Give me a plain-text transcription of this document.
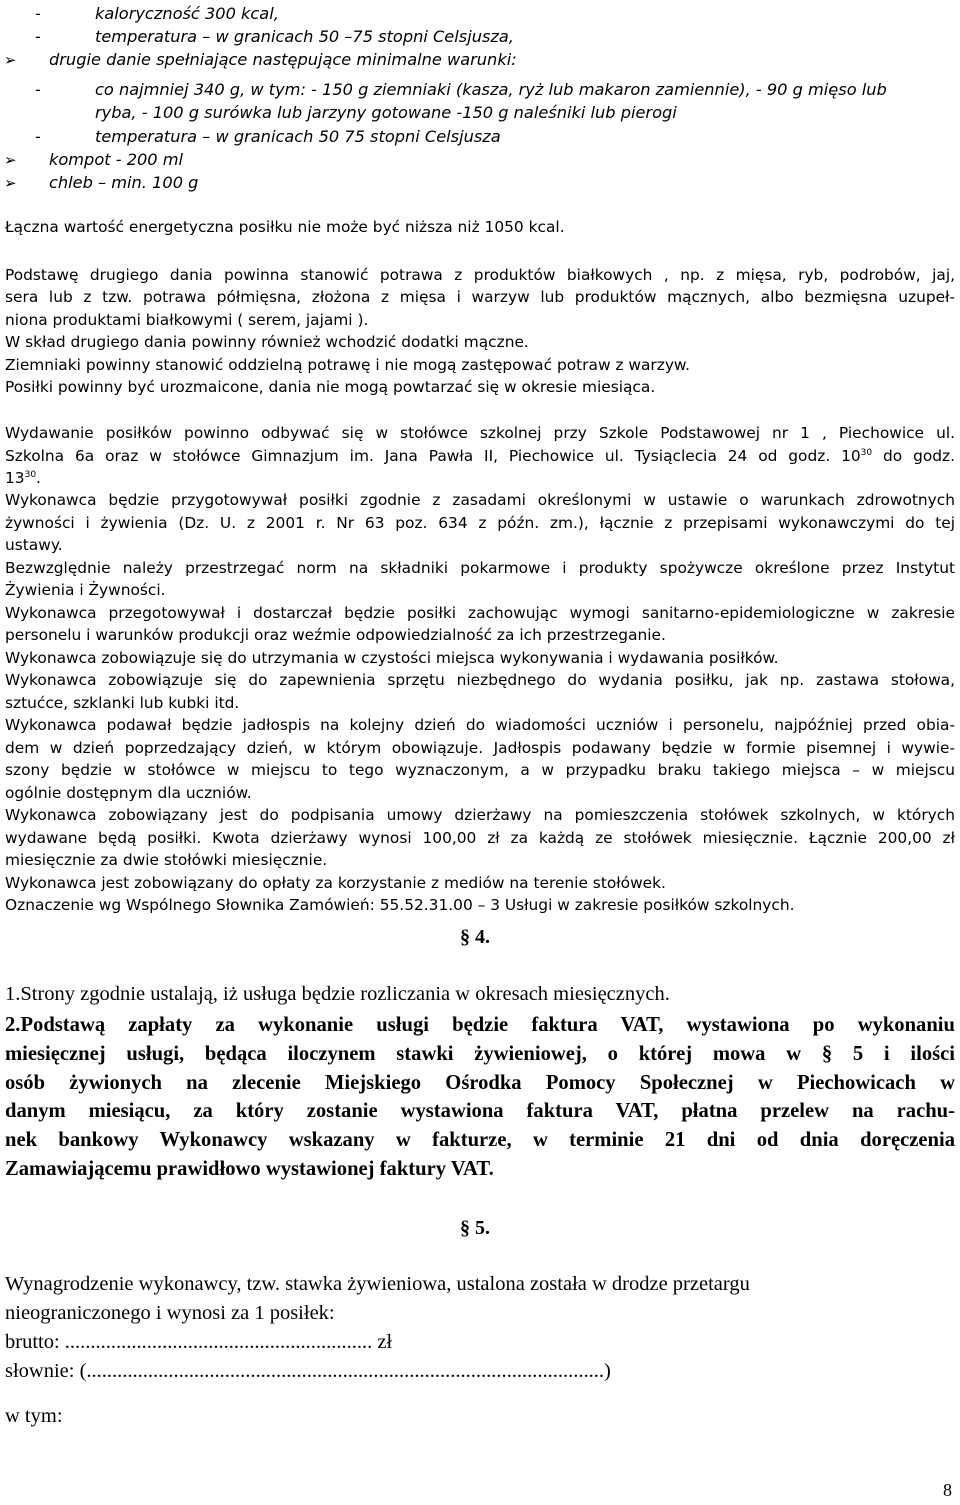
-	kaloryczność 300 kcal,
-	temperatura – w granicach 50 –75 stopni Celsjusza,
➢ drugie danie spełniające następujące minimalne warunki:
-	co najmniej 340 g, w tym: - 150 g ziemniaki (kasza, ryż lub makaron zamiennie), - 90 g mięso lub
ryba, - 100 g surówka lub jarzyny gotowane -150 g naleśniki lub pierogi
-	temperatura – w granicach 50 75 stopni Celsjusza
➢ kompot - 200 ml
➢ chleb – min. 100 g
Łączna wartość energetyczna posiłku nie może być niższa niż 1050 kcal.
Podstawę drugiego dania powinna stanowić potrawa z produktów białkowych , np. z mięsa, ryb, podrobów, jaj,
sera lub z tzw. potrawa półmięsna, złożona z mięsa i warzyw lub produktów mącznych, albo bezmięsna uzupeł-
niona produktami białkowymi ( serem, jajami ).
W skład drugiego dania powinny również wchodzić dodatki mączne.
Ziemniaki powinny stanowić oddzielną potrawę i nie mogą zastępować potraw z warzyw.
Posiłki powinny być urozmaicone, dania nie mogą powtarzać się w okresie miesiąca.
Wydawanie posiłków powinno odbywać się w stołówce szkolnej przy Szkole Podstawowej nr 1 , Piechowice ul.
Szkolna 6a oraz w stołówce Gimnazjum im. Jana Pawła II, Piechowice ul. Tysiąclecia 24 od godz. $10^{30}$ do godz.
$13^{30}$.
Wykonawca będzie przygotowywał posiłki zgodnie z zasadami określonymi w ustawie o warunkach zdrowotnych
żywności i żywienia (Dz. U. z 2001 r. Nr 63 poz. 634 z późn. zm.), łącznie z przepisami wykonawczymi do tej
ustawy.
Bezwzględnie należy przestrzegać norm na składniki pokarmowe i produkty spożywcze określone przez Instytut
Żywienia i Żywności.
Wykonawca przegotowywał i dostarczał będzie posiłki zachowując wymogi sanitarno-epidemiologiczne w zakresie
personelu i warunków produkcji oraz weźmie odpowiedzialność za ich przestrzeganie.
Wykonawca zobowiązuje się do utrzymania w czystości miejsca wykonywania i wydawania posiłków.
Wykonawca zobowiązuje się do zapewnienia sprzętu niezbędnego do wydania posiłku, jak np. zastawa stołowa,
sztućce, szklanki lub kubki itd.
Wykonawca podawał będzie jadłospis na kolejny dzień do wiadomości uczniów i personelu, najpóźniej przed obia-
dem w dzień poprzedzający dzień, w którym obowiązuje. Jadłospis podawany będzie w formie pisemnej i wywie-
szony będzie w stołówce w miejscu to tego wyznaczonym, a w przypadku braku takiego miejsca – w miejscu
ogólnie dostępnym dla uczniów.
Wykonawca zobowiązany jest do podpisania umowy dzierżawy na pomieszczenia stołówek szkolnych, w których
wydawane będą posiłki. Kwota dzierżawy wynosi 100,00 zł za każdą ze stołówek miesięcznie. Łącznie 200,00 zł
miesięcznie za dwie stołówki miesięcznie.
Wykonawca jest zobowiązany do opłaty za korzystanie z mediów na terenie stołówek.
Oznaczenie wg Wspólnego Słownika Zamówień: 55.52.31.00 – 3 Usługi w zakresie posiłków szkolnych.
§ 4.
1.Strony zgodnie ustalają, iż usługa będzie rozliczania w okresach miesięcznych.
2.Podstawą zapłaty za wykonanie usługi będzie faktura VAT, wystawiona po wykonaniu
miesięcznej usługi, będąca iloczynem stawki żywieniowej, o której mowa w § 5 i ilości
osób żywionych na zlecenie Miejskiego Ośrodka Pomocy Społecznej w Piechowicach w
danym miesiącu, za który zostanie wystawiona faktura VAT, płatna przelew na rachu-
nek bankowy Wykonawcy wskazany w fakturze, w terminie 21 dni od dnia doręczenia
Zamawiającemu prawidłowo wystawionej faktury VAT.
§ 5.
Wynagrodzenie wykonawcy, tzw. stawka żywieniowa, ustalona została w drodze przetargu
nieograniczonego i wynosi za 1 posiłek:
brutto: ............................................................ zł
słownie: (.....................................................................................................)
w tym:
8
